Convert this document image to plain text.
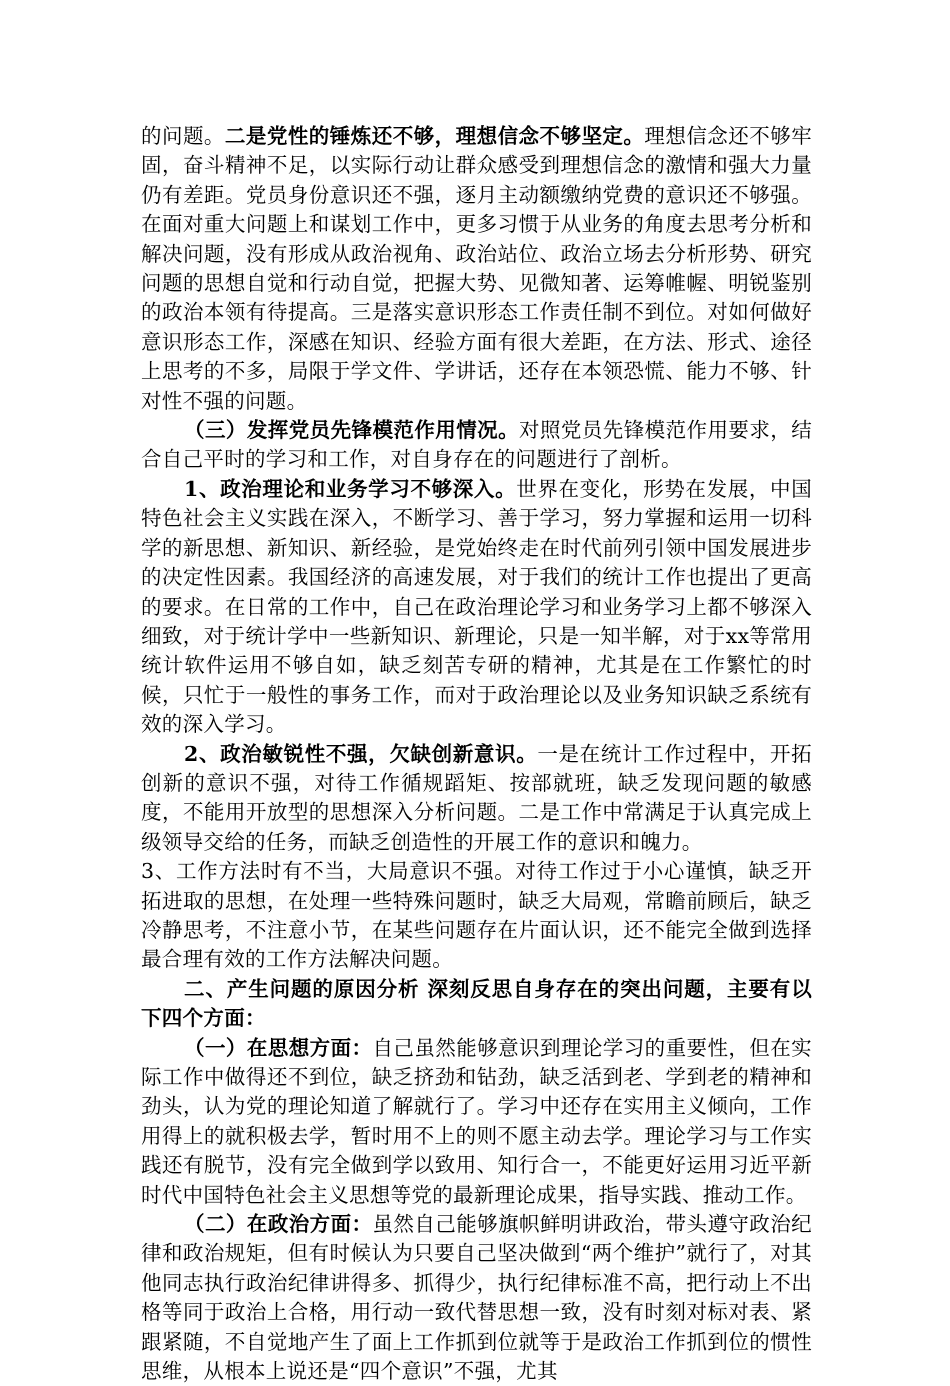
的问题。二是党性的锤炼还不够，理想信念不够坚定。理想信念还不够牢固，奋斗精神不足，以实际行动让群众感受到理想信念的激情和强大力量仍有差距。党员身份意识还不强，逐月主动额缴纳党费的意识还不够强。在面对重大问题上和谋划工作中，更多习惯于从业务的角度去思考分析和解决问题，没有形成从政治视角、政治站位、政治立场去分析形势、研究问题的思想自觉和行动自觉，把握大势、见微知著、运筹帷幄、明锐鉴别的政治本领有待提高。三是落实意识形态工作责任制不到位。对如何做好意识形态工作，深感在知识、经验方面有很大差距，在方法、形式、途径上思考的不多，局限于学文件、学讲话，还存在本领恐慌、能力不够、针对性不强的问题。

（三）发挥党员先锋模范作用情况。对照党员先锋模范作用要求，结合自己平时的学习和工作，对自身存在的问题进行了剖析。

1、政治理论和业务学习不够深入。世界在变化，形势在发展，中国特色社会主义实践在深入，不断学习、善于学习，努力掌握和运用一切科学的新思想、新知识、新经验，是党始终走在时代前列引领中国发展进步的决定性因素。我国经济的高速发展，对于我们的统计工作也提出了更高的要求。在日常的工作中，自己在政治理论学习和业务学习上都不够深入细致，对于统计学中一些新知识、新理论，只是一知半解，对于xx等常用统计软件运用不够自如，缺乏刻苦专研的精神，尤其是在工作繁忙的时候，只忙于一般性的事务工作，而对于政治理论以及业务知识缺乏系统有效的深入学习。

2、政治敏锐性不强，欠缺创新意识。一是在统计工作过程中，开拓创新的意识不强，对待工作循规蹈矩、按部就班，缺乏发现问题的敏感度，不能用开放型的思想深入分析问题。二是工作中常满足于认真完成上级领导交给的任务，而缺乏创造性的开展工作的意识和魄力。

3、工作方法时有不当，大局意识不强。对待工作过于小心谨慎，缺乏开拓进取的思想，在处理一些特殊问题时，缺乏大局观，常瞻前顾后，缺乏冷静思考，不注意小节，在某些问题存在片面认识，还不能完全做到选择最合理有效的工作方法解决问题。

二、产生问题的原因分析 深刻反思自身存在的突出问题，主要有以下四个方面：

（一）在思想方面：自己虽然能够意识到理论学习的重要性，但在实际工作中做得还不到位，缺乏挤劲和钻劲，缺乏活到老、学到老的精神和劲头，认为党的理论知道了解就行了。学习中还存在实用主义倾向，工作用得上的就积极去学，暂时用不上的则不愿主动去学。理论学习与工作实践还有脱节，没有完全做到学以致用、知行合一，不能更好运用习近平新时代中国特色社会主义思想等党的最新理论成果，指导实践、推动工作。

（二）在政治方面：虽然自己能够旗帜鲜明讲政治，带头遵守政治纪律和政治规矩，但有时候认为只要自己坚决做到“两个维护”就行了，对其他同志执行政治纪律讲得多、抓得少，执行纪律标准不高，把行动上不出格等同于政治上合格，用行动一致代替思想一致，没有时刻对标对表、紧跟紧随，不自觉地产生了面上工作抓到位就等于是政治工作抓到位的惯性思维，从根本上说还是“四个意识”不强，尤其
